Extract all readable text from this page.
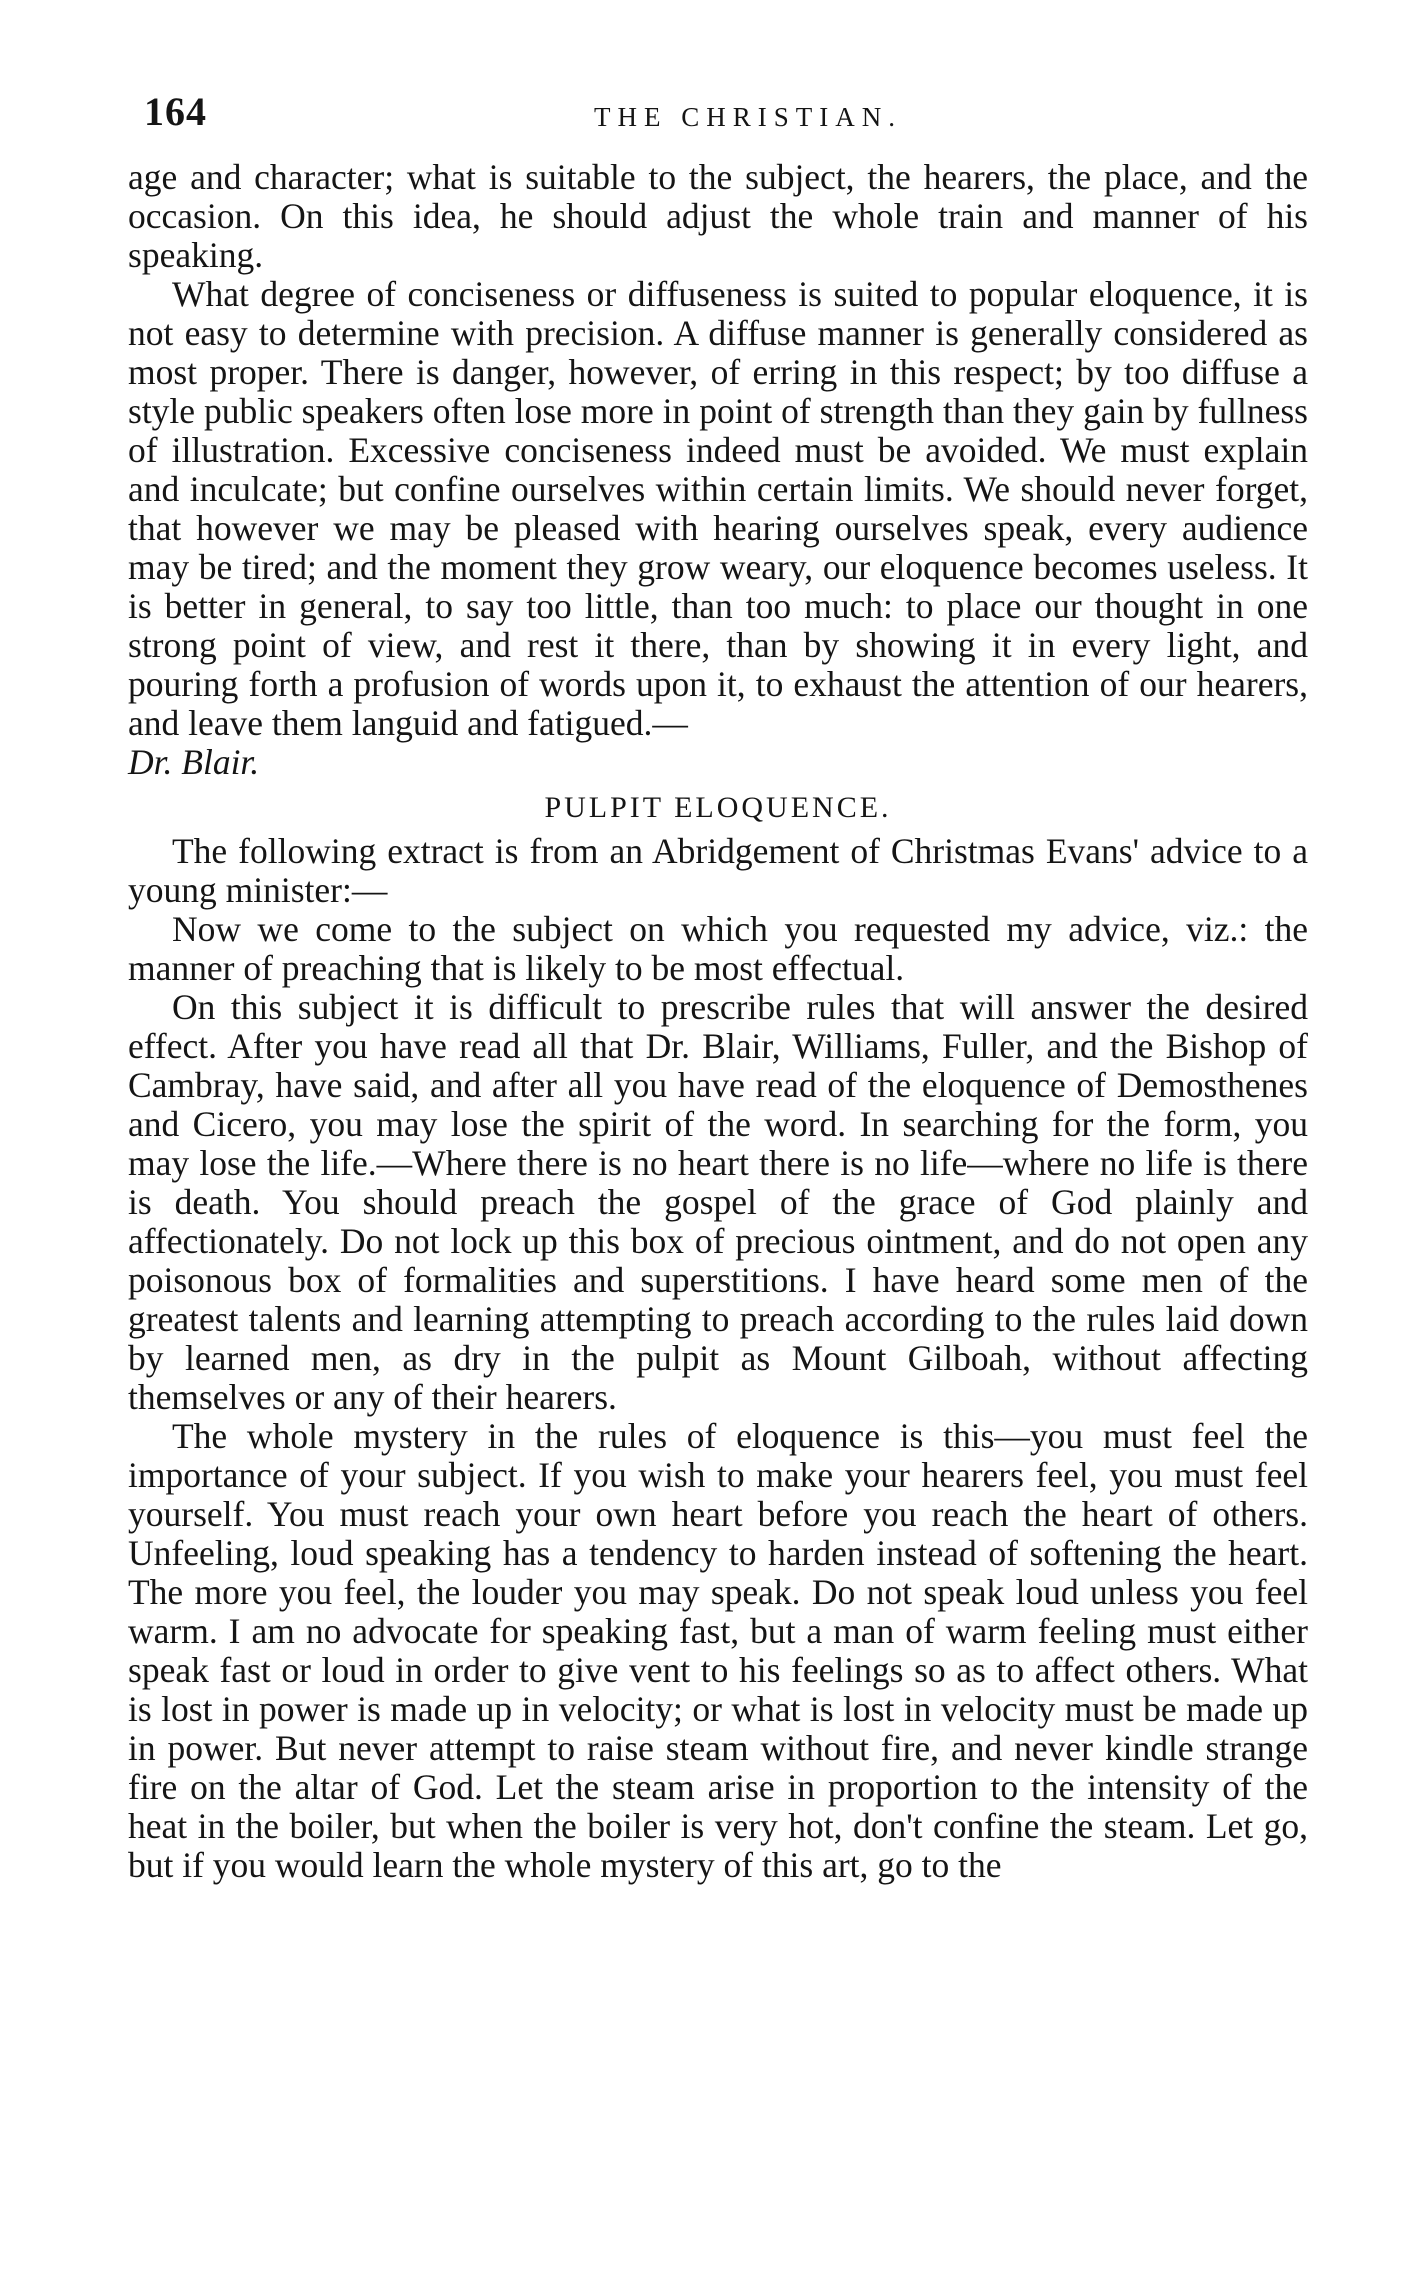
164	THE CHRISTIAN.

age and character; what is suitable to the subject, the hearers, the place, and the occasion. On this idea, he should adjust the whole train and manner of his speaking.

What degree of conciseness or diffuseness is suited to popular eloquence, it is not easy to determine with precision. A diffuse manner is generally considered as most proper. There is danger, however, of erring in this respect; by too diffuse a style public speakers often lose more in point of strength than they gain by fullness of illustration. Excessive conciseness indeed must be avoided. We must explain and inculcate; but confine ourselves within certain limits. We should never forget, that however we may be pleased with hearing ourselves speak, every audience may be tired; and the moment they grow weary, our eloquence becomes useless. It is better in general, to say too little, than too much: to place our thought in one strong point of view, and rest it there, than by showing it in every light, and pouring forth a profusion of words upon it, to exhaust the attention of our hearers, and leave them languid and fatigued.—

Dr. Blair.

PULPIT ELOQUENCE.

The following extract is from an Abridgement of Christmas Evans' advice to a young minister:—

Now we come to the subject on which you requested my advice, viz.: the manner of preaching that is likely to be most effectual.

On this subject it is difficult to prescribe rules that will answer the desired effect. After you have read all that Dr. Blair, Williams, Fuller, and the Bishop of Cambray, have said, and after all you have read of the eloquence of Demosthenes and Cicero, you may lose the spirit of the word. In searching for the form, you may lose the life.—Where there is no heart there is no life—where no life is there is death. You should preach the gospel of the grace of God plainly and affectionately. Do not lock up this box of precious ointment, and do not open any poisonous box of formalities and superstitions. I have heard some men of the greatest talents and learning attempting to preach according to the rules laid down by learned men, as dry in the pulpit as Mount Gilboah, without affecting themselves or any of their hearers.

The whole mystery in the rules of eloquence is this—you must feel the importance of your subject. If you wish to make your hearers feel, you must feel yourself. You must reach your own heart before you reach the heart of others. Unfeeling, loud speaking has a tendency to harden instead of softening the heart. The more you feel, the louder you may speak. Do not speak loud unless you feel warm. I am no advocate for speaking fast, but a man of warm feeling must either speak fast or loud in order to give vent to his feelings so as to affect others. What is lost in power is made up in velocity; or what is lost in velocity must be made up in power. But never attempt to raise steam without fire, and never kindle strange fire on the altar of God. Let the steam arise in proportion to the intensity of the heat in the boiler, but when the boiler is very hot, don't confine the steam. Let go, but if you would learn the whole mystery of this art, go to the
